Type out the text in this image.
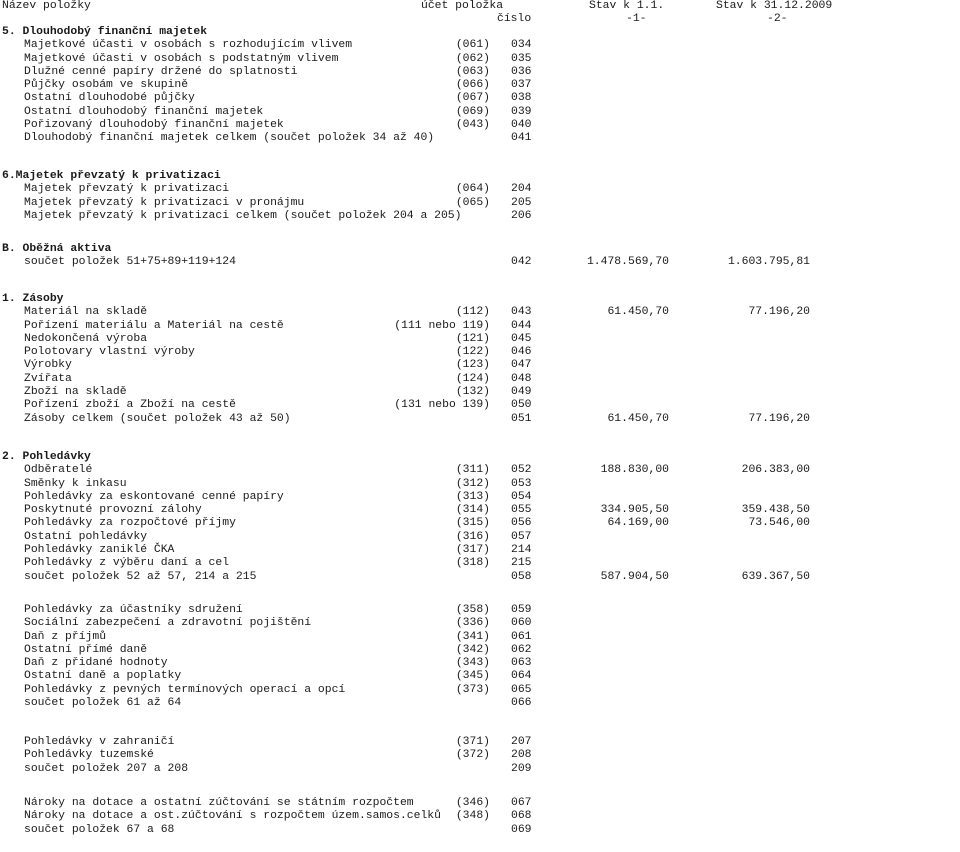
Název položky	účet položka	Stav k 1.1.	Stav k 31.12.2009
číslo	-1-	-2-
5. Dlouhodobý finanční majetek
Majetkové účasti v osobách s rozhodujícím vlivem	(061) 034
Majetkové účasti v osobách s podstatným vlivem	(062) 035
Dlužné cenné papíry držené do splatnosti	(063) 036
Půjčky osobám ve skupině	(066) 037
Ostatní dlouhodobé půjčky	(067) 038
Ostatní dlouhodobý finanční majetek	(069) 039
Pořizovaný dlouhodobý finanční majetek	(043) 040
Dlouhodobý finanční majetek celkem (součet položek 34 až 40)	041
6.Majetek převzatý k privatizaci
Majetek převzatý k privatizaci	(064) 204
Majetek převzatý k privatizaci v pronájmu	(065) 205
Majetek převzatý k privatizaci celkem (součet položek 204 a 205)	206
B. Oběžná aktiva
součet položek 51+75+89+119+124	042	1.478.569,70	1.603.795,81
1. Zásoby
Materiál na skladě	(112) 043	61.450,70	77.196,20
Pořízení materiálu a Materiál na cestě	(111 nebo 119) 044
Nedokončená výroba	(121) 045
Polotovary vlastní výroby	(122) 046
Výrobky	(123) 047
Zvířata	(124) 048
Zboží na skladě	(132) 049
Pořízení zboží a Zboží na cestě	(131 nebo 139) 050
Zásoby celkem (součet položek 43 až 50)	051	61.450,70	77.196,20
2. Pohledávky
Odběratelé	(311) 052	188.830,00	206.383,00
Směnky k inkasu	(312) 053
Pohledávky za eskontované cenné papíry	(313) 054
Poskytnuté provozní zálohy	(314) 055	334.905,50	359.438,50
Pohledávky za rozpočtové příjmy	(315) 056	64.169,00	73.546,00
Ostatní pohledávky	(316) 057
Pohledávky zaniklé ČKA	(317) 214
Pohledávky z výběru daní a cel	(318) 215
součet položek 52 až 57, 214 a 215	058	587.904,50	639.367,50
Pohledávky za účastníky sdružení	(358) 059
Sociální zabezpečení a zdravotní pojištění	(336) 060
Daň z příjmů	(341) 061
Ostatní přímé daně	(342) 062
Daň z přidané hodnoty	(343) 063
Ostatní daně a poplatky	(345) 064
Pohledávky z pevných termínových operací a opcí	(373) 065
součet položek 61 až 64	066
Pohledávky v zahraničí	(371) 207
Pohledávky tuzemské	(372) 208
součet položek 207 a 208	209
Nároky na dotace a ostatní zúčtování se státním rozpočtem	(346) 067
Nároky na dotace a ost.zúčtování s rozpočtem územ.samos.celků	(348) 068
součet položek 67 a 68	069
